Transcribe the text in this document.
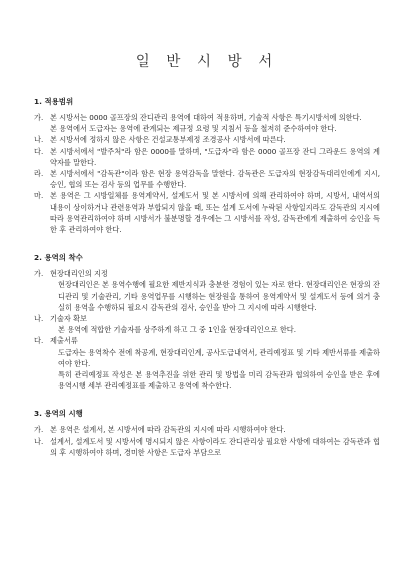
일 반 시 방 서
1. 적용범위
가. 본 시방서는 0000 골프장의 잔디관리 용역에 대하여 적용하며, 기술적 사항은 특기시방서에 의한다.
본 용역에서 도급자는 용역에 관계되는 제규정 요령 및 지침서 등을 철저히 준수하여야 한다.
나. 본 시방서에 정하지 않은 사항은 건설교통부제정 조경공사 시방서에 따른다.
다. 본 시방서에서 "발주처"라 함은 0000를 말하며, "도급자"라 함은 0000 골프장 잔디 그라운드 용역의 계약자를 말한다.
라. 본 시방서에서 "감독관"이라 함은 현장 용역감독을 말한다. 감독관은 도급자의 현장감독대리인에게 지시, 승인, 협의 또는 검사 등의 업무를 수행한다.
마. 본 용역은 그 시방일체를 용역계약서, 설계도서 및 본 시방서에 의해 관리하여야 하며, 시방서, 내역서의 내용이 상이하거나 관련용역과 부합되지 않을 때, 또는 설계 도서에 누락된 사항일지라도 감독관의 지시에 따라 용역관리하여야 하며 시방서가 불분명할 경우에는 그 시방서를 작성, 감독관에게 제출하여 승인을 득한 후 관리하여야 한다.
2. 용역의 착수
가. 현장대리인의 지정
현장대리인은 본 용역수행에 필요한 제반지식과 충분한 경험이 있는 자로 한다. 현장대리인은 현장의 잔디관리 및 기술관리, 기타 용역업무를 시행하는 현장원을 통하여 용역계약서 및 설계도서 등에 의거 충실히 용역을 수행하되 필요시 감독관의 검사, 승인을 받아 그 지시에 따라 시행한다.
나. 기술자 확보
본 용역에 적합한 기술자를 상주하게 하고 그 중 1인을 현장대리인으로 한다.
다. 제출서류
도급자는 용역착수 전에 착공계, 현장대리인계, 공사도급내역서, 관리예정표 및 기타 제반서류를 제출하여야 한다.
특히 관리예정표 작성은 본 용역추진을 위한 관리 및 방법을 미리 감독관과 협의하여 승인을 받은 후에 용역시행 세부 관리예정표를 제출하고 용역에 착수한다.
3. 용역의 시행
가. 본 용역은 설계서, 본 시방서에 따라 감독관의 지시에 따라 시행하여야 한다.
나. 설계서, 설계도서 및 시방서에 명시되지 않은 사항이라도 잔디관리상 필요한 사항에 대하여는 감독관과 협의 후 시행하여야 하며, 경미한 사항은 도급자 부담으로
